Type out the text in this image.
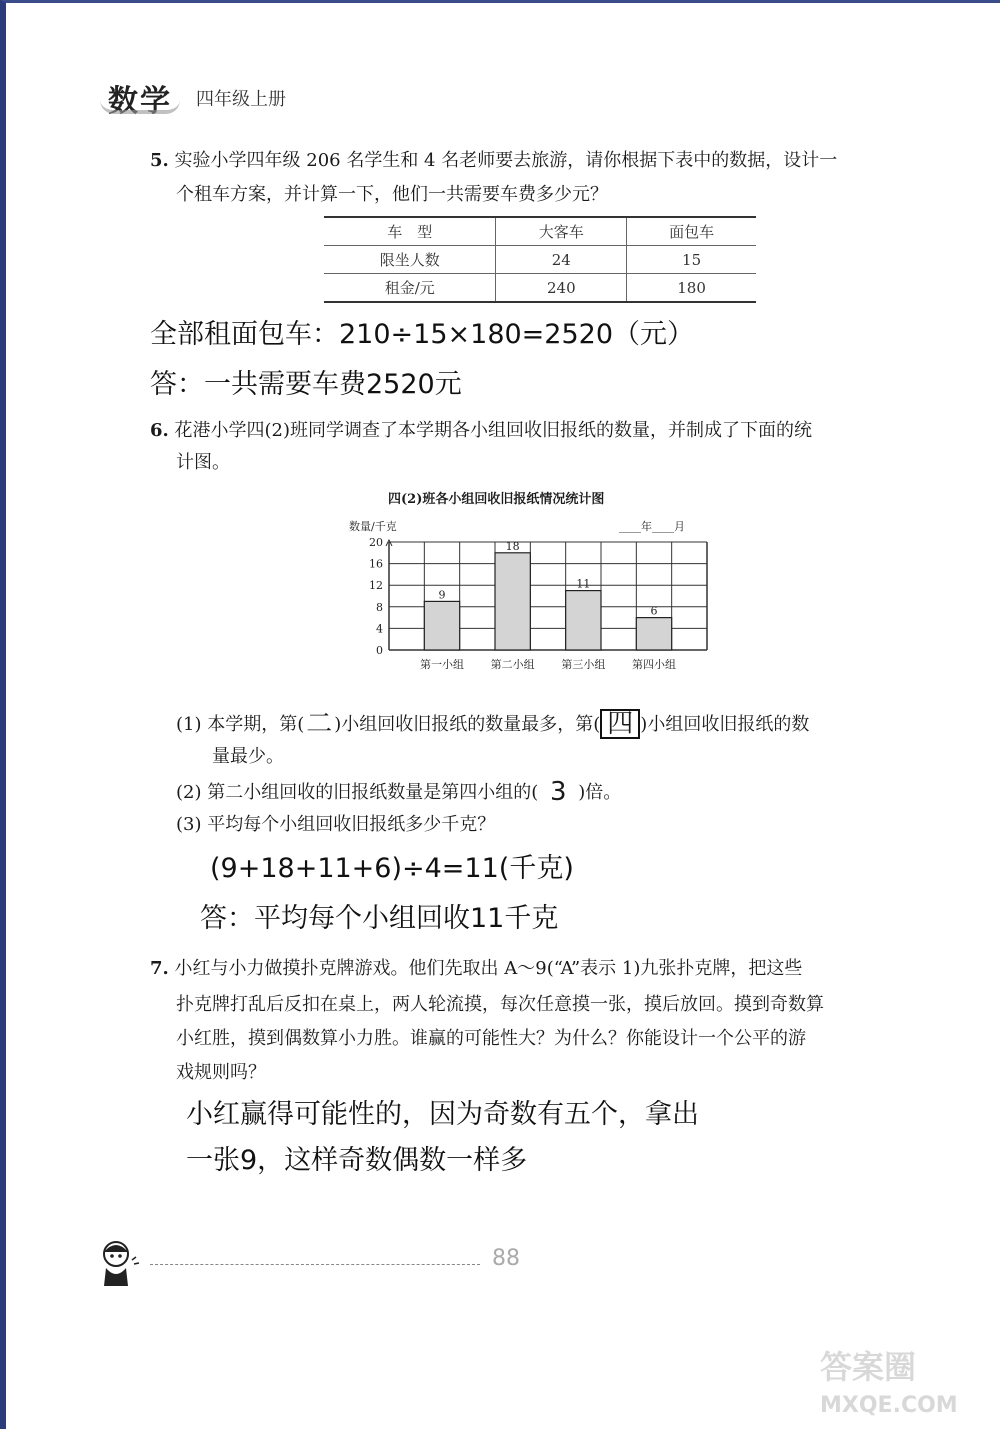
数学 四年级上册
5. 实验小学四年级 206 名学生和 4 名老师要去旅游，请你根据下表中的数据，设计一
个租车方案，并计算一下，他们一共需要车费多少元？
车　型	大客车	面包车
限坐人数	24	15
租金/元	240	180
全部租面包车：210÷15×180=2520（元）
答：一共需要车费2520元
6. 花港小学四(2)班同学调查了本学期各小组回收旧报纸的数量，并制成了下面的统
计图。
四(2)班各小组回收旧报纸情况统计图
数量/千克	____年____月
9
18
11
6
0
4
8
12
16
20
第一小组 第二小组 第三小组 第四小组
(1) 本学期，第(二 )小组回收旧报纸的数量最多，第( 四 )小组回收旧报纸的数
量最少。
(2) 第二小组回收的旧报纸数量是第四小组的( 3 )倍。
(3) 平均每个小组回收旧报纸多少千克？
(9+18+11+6)÷4=11(千克)
答：平均每个小组回收11千克
7. 小红与小力做摸扑克牌游戏。他们先取出 A～9(“A”表示 1)九张扑克牌，把这些
扑克牌打乱后反扣在桌上，两人轮流摸，每次任意摸一张，摸后放回。摸到奇数算
小红胜，摸到偶数算小力胜。谁赢的可能性大？为什么？你能设计一个公平的游
戏规则吗？
小红赢得可能性的，因为奇数有五个，拿出
一张9，这样奇数偶数一样多
88
答案圈
MXQE.COM
